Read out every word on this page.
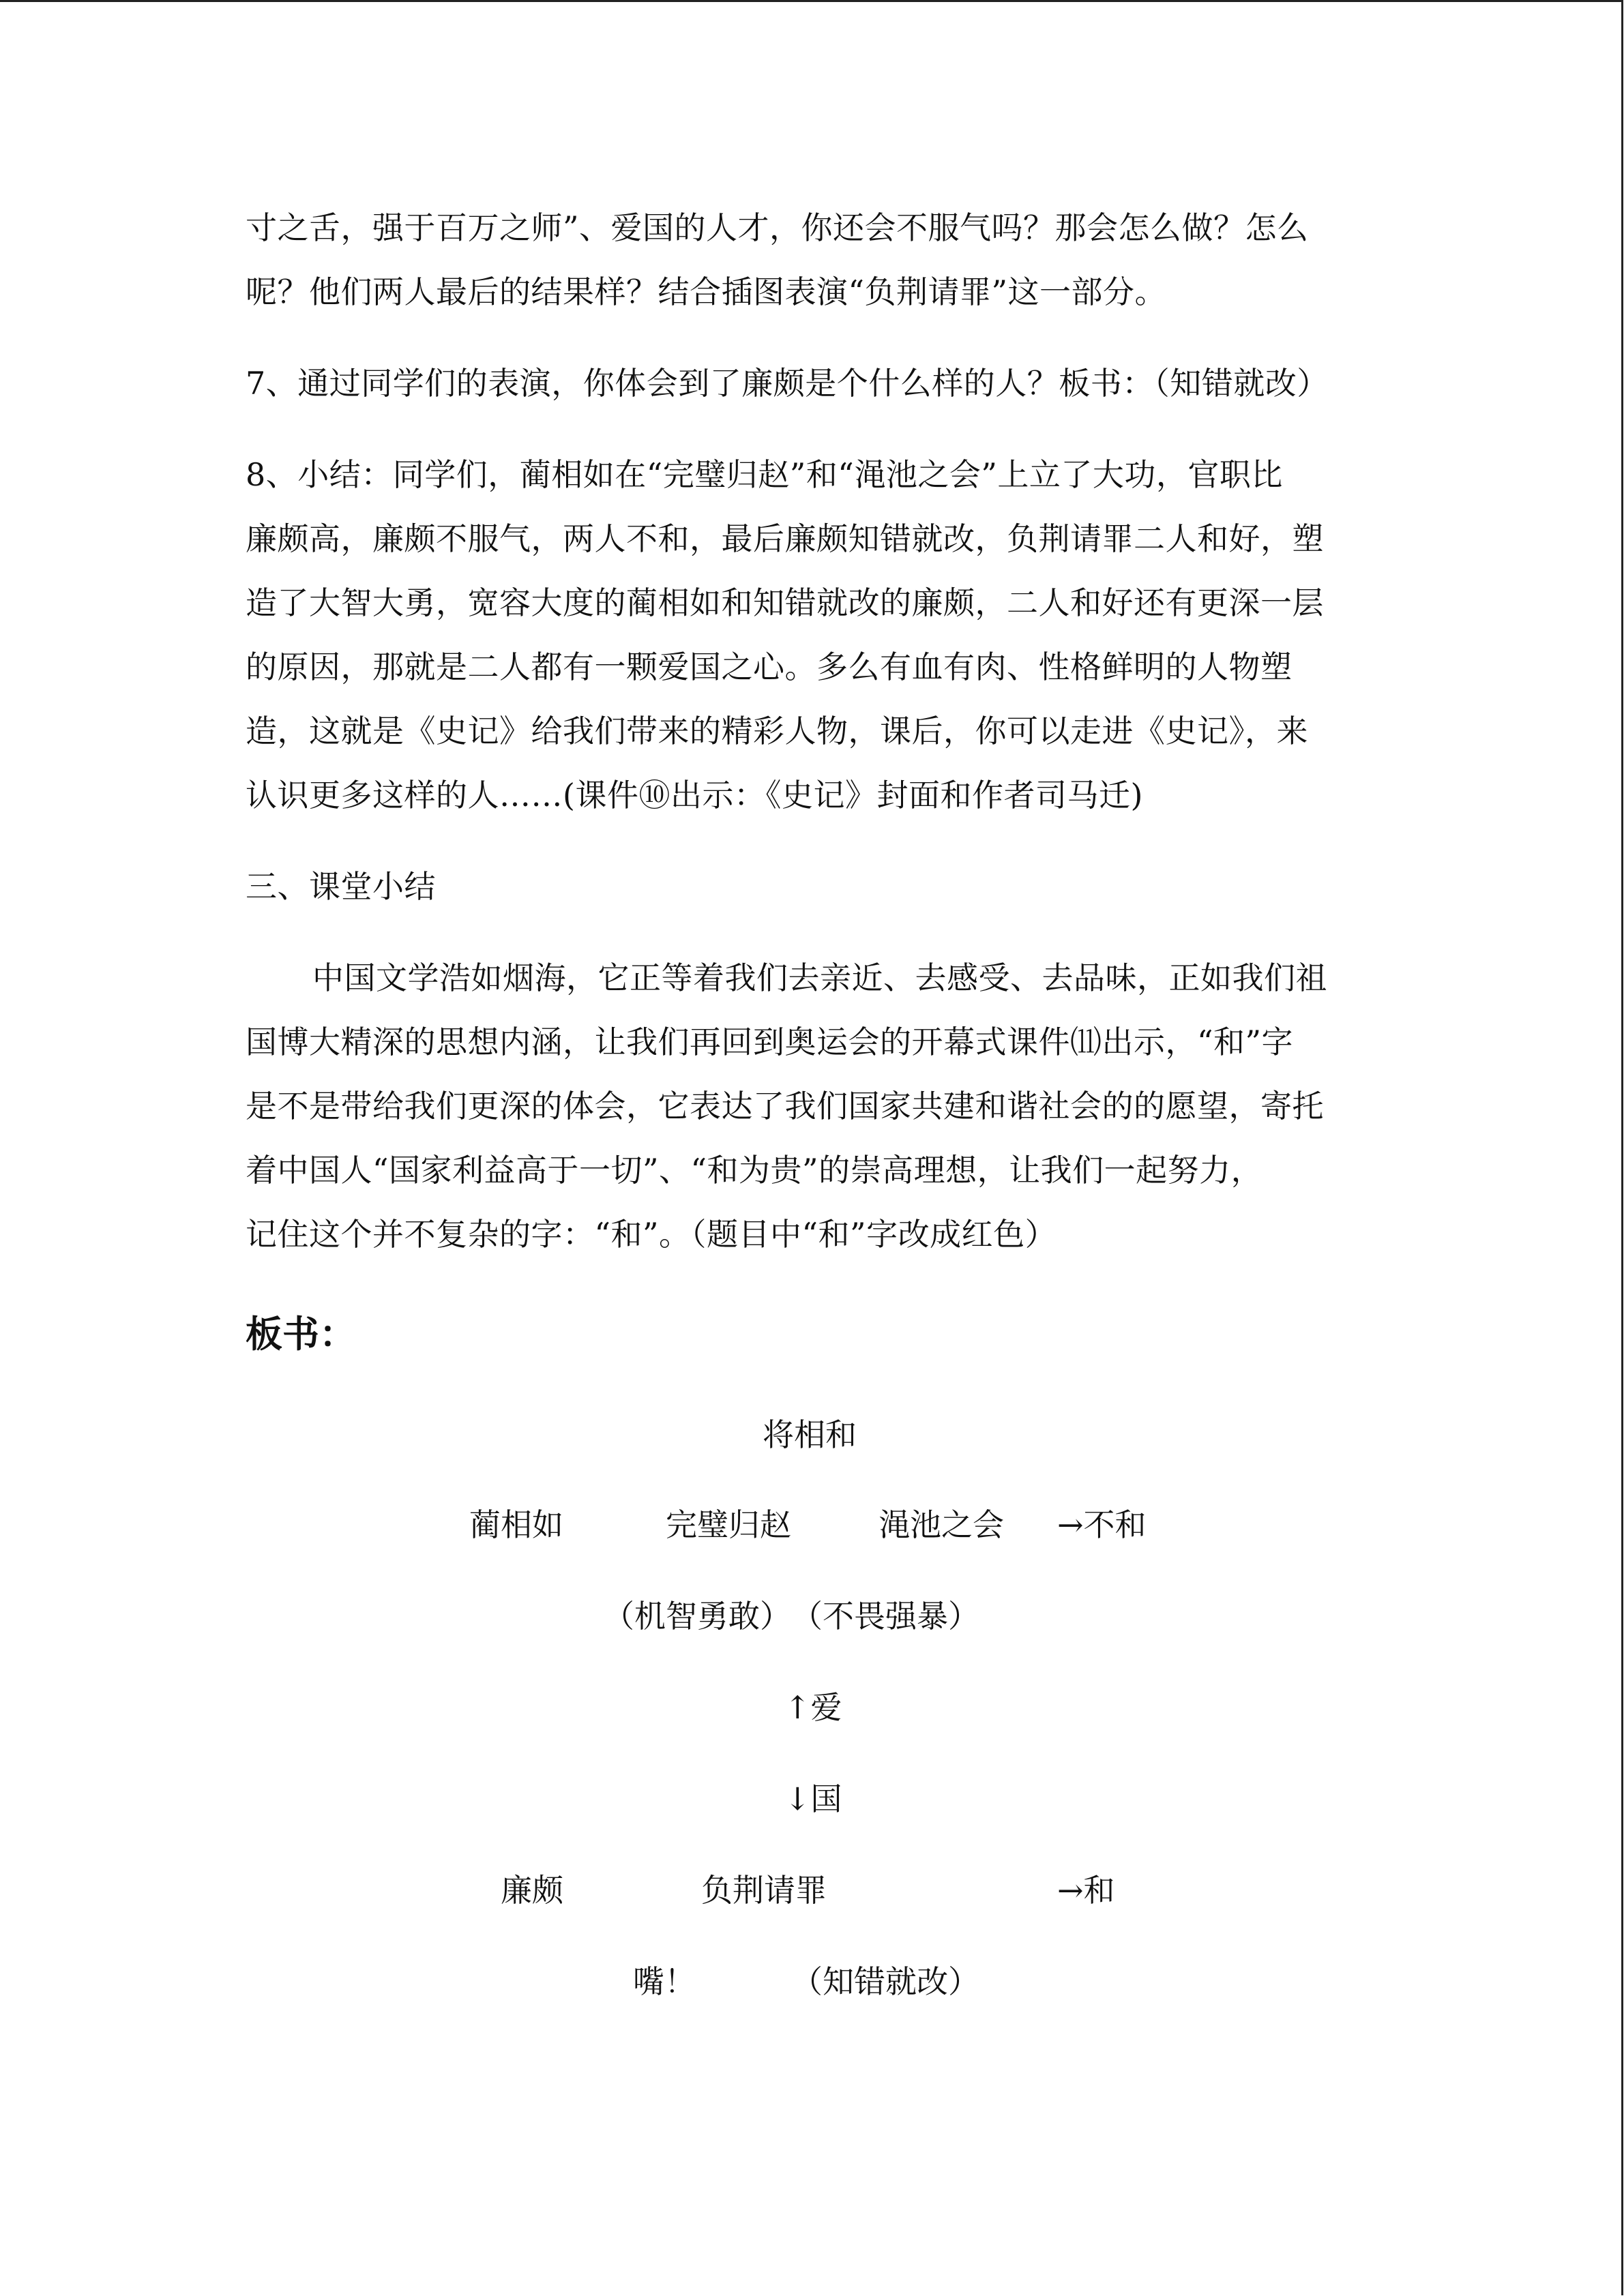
寸之舌，强于百万之师”、爱国的人才，你还会不服气吗？那会怎么做？怎么
呢？他们两人最后的结果样？结合插图表演“负荆请罪”这一部分。
7、通过同学们的表演，你体会到了廉颇是个什么样的人？板书：（知错就改）
8、小结：同学们，蔺相如在“完璧归赵”和“渑池之会”上立了大功，官职比
廉颇高，廉颇不服气，两人不和，最后廉颇知错就改，负荆请罪二人和好，塑
造了大智大勇，宽容大度的蔺相如和知错就改的廉颇，二人和好还有更深一层
的原因，那就是二人都有一颗爱国之心。多么有血有肉、性格鲜明的人物塑
造，这就是《史记》给我们带来的精彩人物，课后，你可以走进《史记》，来
认识更多这样的人……(课件⑩出示：《史记》封面和作者司马迁)
三、课堂小结
中国文学浩如烟海，它正等着我们去亲近、去感受、去品味，正如我们祖
国博大精深的思想内涵，让我们再回到奥运会的开幕式课件⑾出示，“和”字
是不是带给我们更深的体会，它表达了我们国家共建和谐社会的的愿望，寄托
着中国人“国家利益高于一切”、“和为贵”的崇高理想，让我们一起努力，
记住这个并不复杂的字：“和”。（题目中“和”字改成红色）
板书：
将相和
蔺相如	完璧归赵	渑池之会 →不和
（机智勇敢） （不畏强暴）
↑爱
↓国
廉颇	负荆请罪	→和
嘴！	（知错就改）
